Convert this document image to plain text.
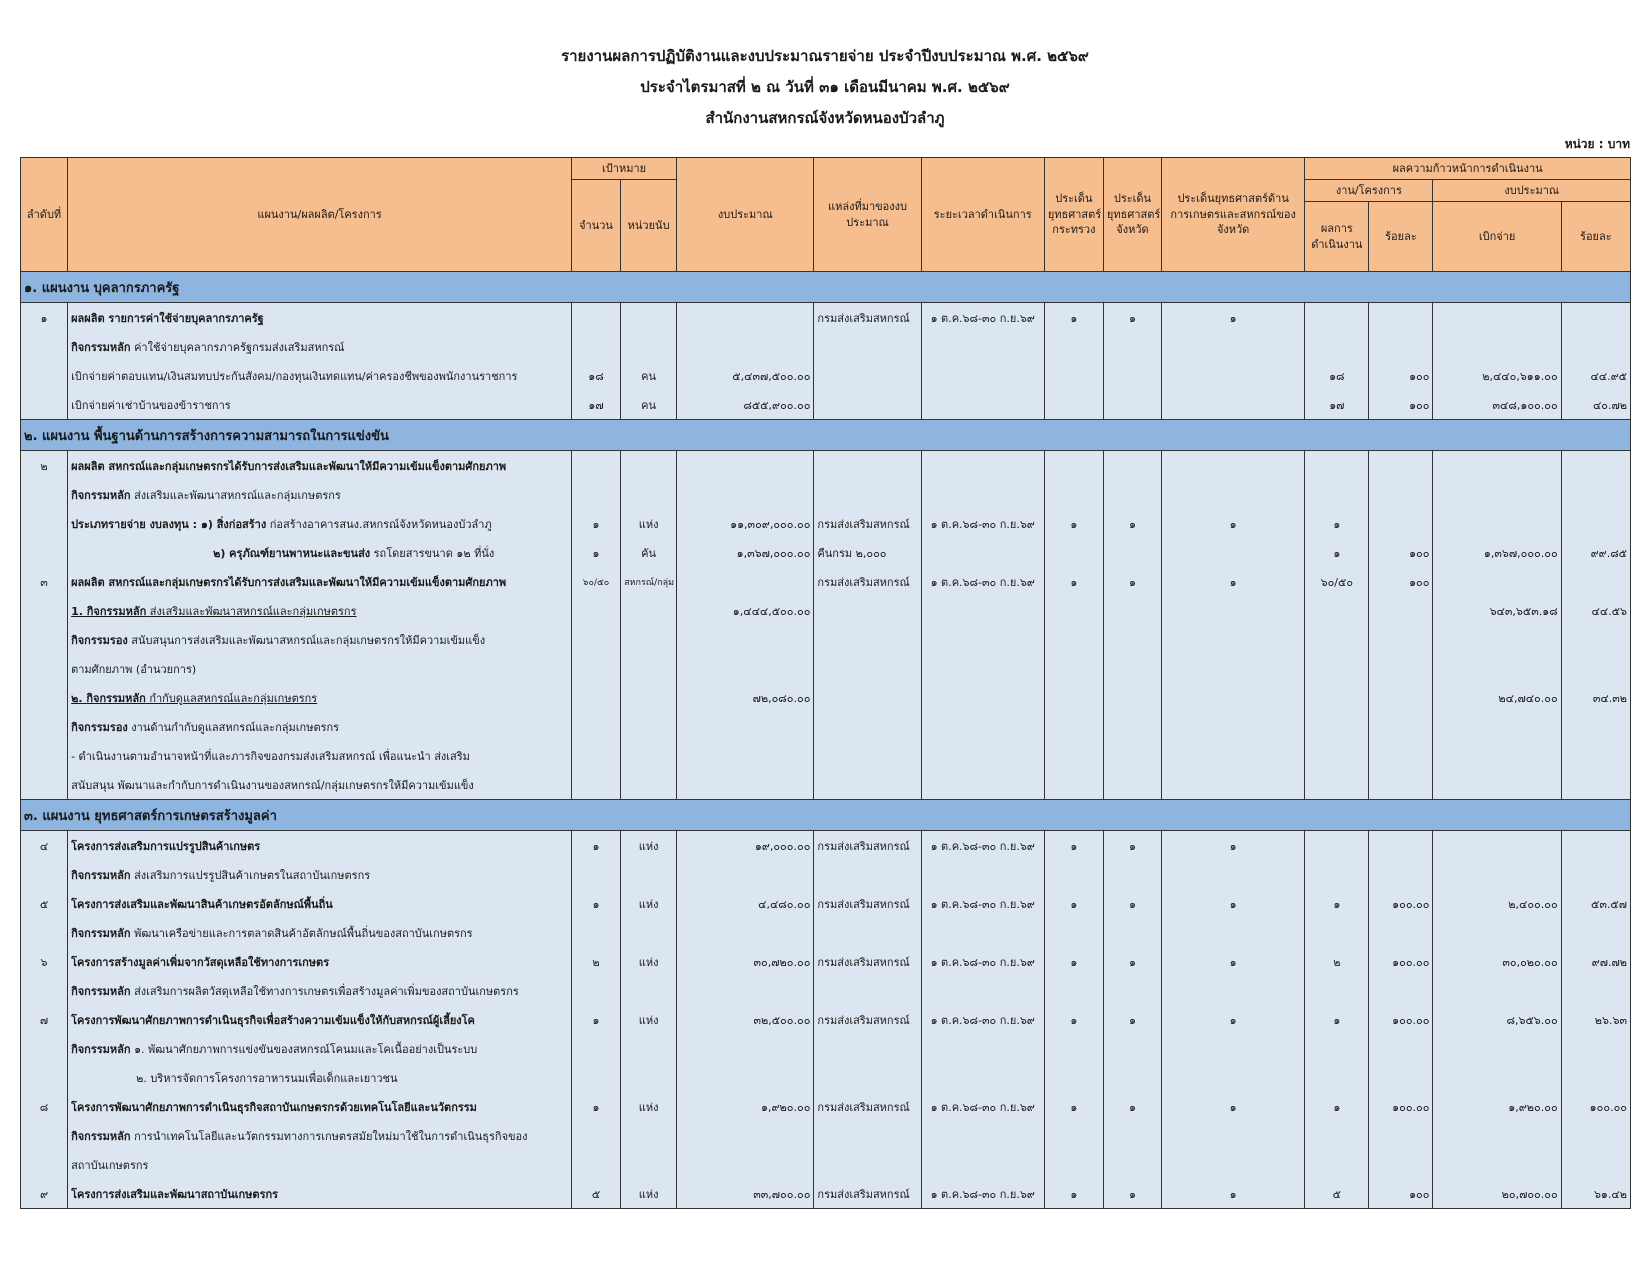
รายงานผลการปฏิบัติงานและงบประมาณรายจ่าย ประจำปีงบประมาณ พ.ศ. ๒๕๖๙
ประจำไตรมาสที่ ๒ ณ วันที่ ๓๑ เดือนมีนาคม พ.ศ. ๒๕๖๙
สำนักงานสหกรณ์จังหวัดหนองบัวลำภู
หน่วย : บาท
ลำดับที่	แผนงาน/ผลผลิต/โครงการ	เป้าหมาย		งบประมาณ	แหล่งที่มาของงบประมาณ	ระยะเวลาดำเนินการ	ประเด็นยุทธศาสตร์กระทรวง	ประเด็นยุทธศาสตร์จังหวัด	ประเด็นยุทธศาสตร์ด้านการเกษตรและสหกรณ์ของจังหวัด	ผลความก้าวหน้าการดำเนินงาน			
		จำนวน	หน่วยนับ							งาน/โครงการ		งบประมาณ	
										ผลการดำเนินงาน	ร้อยละ	เบิกจ่าย	ร้อยละ
๑. แผนงาน บุคลากรภาครัฐ													
๑	ผลผลิต รายการค่าใช้จ่ายบุคลากรภาครัฐ				กรมส่งเสริมสหกรณ์	๑ ต.ค.๖๘-๓๐ ก.ย.๖๙	๑	๑	๑				
	กิจกรรมหลัก ค่าใช้จ่ายบุคลากรภาครัฐกรมส่งเสริมสหกรณ์												
	เบิกจ่ายค่าตอบแทน/เงินสมทบประกันสังคม/กองทุนเงินทดแทน/ค่าครองชีพของพนักงานราชการ	๑๘	คน	๕,๔๓๗,๕๐๐.๐๐						๑๘	๑๐๐	๒,๔๔๐,๖๑๑.๐๐	๔๔.๙๕
	เบิกจ่ายค่าเช่าบ้านของข้าราชการ	๑๗	คน	๘๕๕,๙๐๐.๐๐						๑๗	๑๐๐	๓๔๘,๑๐๐.๐๐	๔๐.๗๒
๒. แผนงาน พื้นฐานด้านการสร้างการความสามารถในการแข่งขัน													
๒	ผลผลิต สหกรณ์และกลุ่มเกษตรกรได้รับการส่งเสริมและพัฒนาให้มีความเข้มแข็งตามศักยภาพ												
	กิจกรรมหลัก ส่งเสริมและพัฒนาสหกรณ์และกลุ่มเกษตรกร												
	ประเภทรายจ่าย งบลงทุน : ๑) สิ่งก่อสร้าง ก่อสร้างอาคารสนง.สหกรณ์จังหวัดหนองบัวลำภู	๑	แห่ง	๑๑,๓๐๙,๐๐๐.๐๐	กรมส่งเสริมสหกรณ์	๑ ต.ค.๖๘-๓๐ ก.ย.๖๙	๑	๑	๑	๑			
	๒) ครุภัณฑ์ยานพาหนะและขนส่ง รถโดยสารขนาด ๑๒ ที่นั่ง	๑	คัน	๑,๓๖๗,๐๐๐.๐๐	คืนกรม ๒,๐๐๐					๑	๑๐๐	๑,๓๖๗,๐๐๐.๐๐	๙๙.๘๕
๓	ผลผลิต สหกรณ์และกลุ่มเกษตรกรได้รับการส่งเสริมและพัฒนาให้มีความเข้มแข็งตามศักยภาพ	๖๐/๕๐	สหกรณ์/กลุ่ม		กรมส่งเสริมสหกรณ์	๑ ต.ค.๖๘-๓๐ ก.ย.๖๙	๑	๑	๑	๖๐/๕๐	๑๐๐		
	1. กิจกรรมหลัก ส่งเสริมและพัฒนาสหกรณ์และกลุ่มเกษตรกร			๑,๔๔๔,๕๐๐.๐๐								๖๔๓,๖๕๓.๑๘	๔๔.๕๖
	กิจกรรมรอง สนับสนุนการส่งเสริมและพัฒนาสหกรณ์และกลุ่มเกษตรกรให้มีความเข้มแข็ง												
	ตามศักยภาพ (อำนวยการ)												
	๒. กิจกรรมหลัก กำกับดูแลสหกรณ์และกลุ่มเกษตรกร			๗๒,๐๘๐.๐๐								๒๔,๗๔๐.๐๐	๓๔.๓๒
	กิจกรรมรอง งานด้านกำกับดูแลสหกรณ์และกลุ่มเกษตรกร												
	- ดำเนินงานตามอำนาจหน้าที่และภารกิจของกรมส่งเสริมสหกรณ์ เพื่อแนะนำ ส่งเสริม												
	สนับสนุน พัฒนาและกำกับการดำเนินงานของสหกรณ์/กลุ่มเกษตรกรให้มีความเข้มแข็ง												
๓. แผนงาน ยุทธศาสตร์การเกษตรสร้างมูลค่า													
๔	โครงการส่งเสริมการแปรรูปสินค้าเกษตร	๑	แห่ง	๑๙,๐๐๐.๐๐	กรมส่งเสริมสหกรณ์	๑ ต.ค.๖๘-๓๐ ก.ย.๖๙	๑	๑	๑				
	กิจกรรมหลัก ส่งเสริมการแปรรูปสินค้าเกษตรในสถาบันเกษตรกร												
๕	โครงการส่งเสริมและพัฒนาสินค้าเกษตรอัตลักษณ์พื้นถิ่น	๑	แห่ง	๔,๔๘๐.๐๐	กรมส่งเสริมสหกรณ์	๑ ต.ค.๖๘-๓๐ ก.ย.๖๙	๑	๑	๑	๑	๑๐๐.๐๐	๒,๔๐๐.๐๐	๕๓.๕๗
	กิจกรรมหลัก พัฒนาเครือข่ายและการตลาดสินค้าอัตลักษณ์พื้นถิ่นของสถาบันเกษตรกร												
๖	โครงการสร้างมูลค่าเพิ่มจากวัสดุเหลือใช้ทางการเกษตร	๒	แห่ง	๓๐,๗๒๐.๐๐	กรมส่งเสริมสหกรณ์	๑ ต.ค.๖๘-๓๐ ก.ย.๖๙	๑	๑	๑	๒	๑๐๐.๐๐	๓๐,๐๒๐.๐๐	๙๗.๗๒
	กิจกรรมหลัก ส่งเสริมการผลิตวัสดุเหลือใช้ทางการเกษตรเพื่อสร้างมูลค่าเพิ่มของสถาบันเกษตรกร												
๗	โครงการพัฒนาศักยภาพการดำเนินธุรกิจเพื่อสร้างความเข้มแข็งให้กับสหกรณ์ผู้เลี้ยงโค	๑	แห่ง	๓๒,๕๐๐.๐๐	กรมส่งเสริมสหกรณ์	๑ ต.ค.๖๘-๓๐ ก.ย.๖๙	๑	๑	๑	๑	๑๐๐.๐๐	๘,๖๕๖.๐๐	๒๖.๖๓
	กิจกรรมหลัก ๑. พัฒนาศักยภาพการแข่งขันของสหกรณ์โคนมและโคเนื้ออย่างเป็นระบบ												
	๒. บริหารจัดการโครงการอาหารนมเพื่อเด็กและเยาวชน												
๘	โครงการพัฒนาศักยภาพการดำเนินธุรกิจสถาบันเกษตรกรด้วยเทคโนโลยีและนวัตกรรม	๑	แห่ง	๑,๙๒๐.๐๐	กรมส่งเสริมสหกรณ์	๑ ต.ค.๖๘-๓๐ ก.ย.๖๙	๑	๑	๑	๑	๑๐๐.๐๐	๑,๙๒๐.๐๐	๑๐๐.๐๐
	กิจกรรมหลัก การนำเทคโนโลยีและนวัตกรรมทางการเกษตรสมัยใหม่มาใช้ในการดำเนินธุรกิจของ												
	สถาบันเกษตรกร												
๙	โครงการส่งเสริมและพัฒนาสถาบันเกษตรกร	๕	แห่ง	๓๓,๗๐๐.๐๐	กรมส่งเสริมสหกรณ์	๑ ต.ค.๖๘-๓๐ ก.ย.๖๙	๑	๑	๑	๕	๑๐๐	๒๐,๗๐๐.๐๐	๖๑.๔๒
